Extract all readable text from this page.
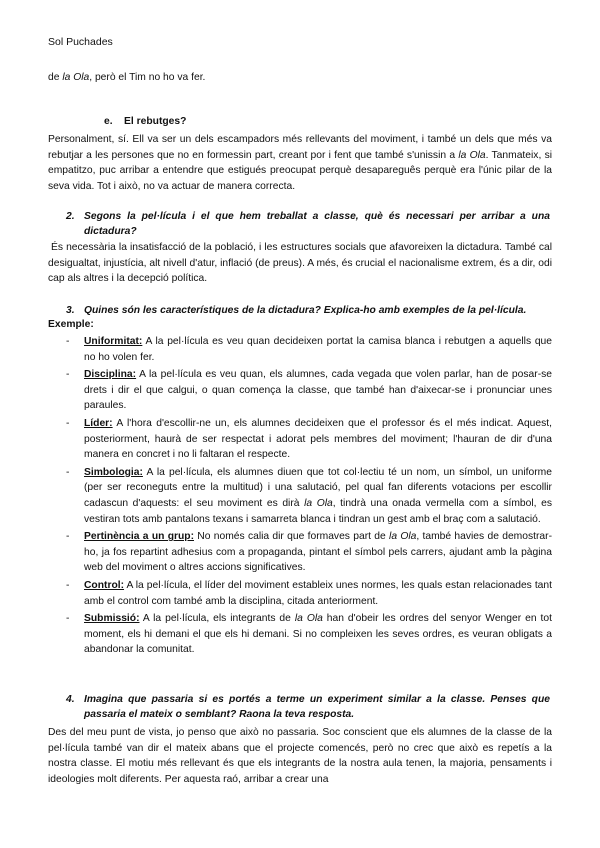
Sol Puchades
de la Ola, però el Tim no ho va fer.
e. El rebutges?
Personalment, sí. Ell va ser un dels escampadors més rellevants del moviment, i també un dels que més va rebutjar a les persones que no en formessin part, creant por i fent que també s'unissin a la Ola. Tanmateix, si empatitzo, puc arribar a entendre que estigués preocupat perquè desapareguês perquè era l'únic pilar de la seva vida. Tot i això, no va actuar de manera correcta.
2. Segons la pel·lícula i el que hem treballat a classe, què és necessari per arribar a una dictadura?
És necessària la insatisfacció de la població, i les estructures socials que afavoreixen la dictadura. També cal desigualtat, injustícia, alt nivell d'atur, inflació (de preus). A més, és crucial el nacionalisme extrem, és a dir, odi cap als altres i la decepció política.
3. Quines són les característiques de la dictadura? Explica-ho amb exemples de la pel·lícula.
Exemple:
- Uniformitat: A la pel·lícula es veu quan decideixen portat la camisa blanca i rebutgen a aquells que no ho volen fer.
- Disciplina: A la pel·lícula es veu quan, els alumnes, cada vegada que volen parlar, han de posar-se drets i dir el que calgui, o quan comença la classe, que també han d'aixecar-se i pronunciar unes paraules.
- Líder: A l'hora d'escollir-ne un, els alumnes decideixen que el professor és el més indicat. Aquest, posteriorment, haurà de ser respectat i adorat pels membres del moviment; l'hauran de dir d'una manera en concret i no li faltaran el respecte.
- Simbologia: A la pel·lícula, els alumnes diuen que tot col·lectiu té un nom, un símbol, un uniforme (per ser reconeguts entre la multitud) i una salutació, pel qual fan diferents votacions per escollir cadascun d'aquests: el seu moviment es dirà la Ola, tindrà una onada vermella com a símbol, es vestiran tots amb pantalons texans i samarreta blanca i tindran un gest amb el braç com a salutació.
- Pertinència a un grup: No només calia dir que formaves part de la Ola, també havies de demostrar-ho, ja fos repartint adhesius com a propaganda, pintant el símbol pels carrers, ajudant amb la pàgina web del moviment o altres accions significatives.
- Control: A la pel·lícula, el líder del moviment estableix unes normes, les quals estan relacionades tant amb el control com també amb la disciplina, citada anteriorment.
- Submissió: A la pel·lícula, els integrants de la Ola han d'obeir les ordres del senyor Wenger en tot moment, els hi demani el que els hi demani. Si no compleixen les seves ordres, es veuran obligats a abandonar la comunitat.
4. Imagina que passaria si es portés a terme un experiment similar a la classe. Penses que passaria el mateix o semblant? Raona la teva resposta.
Des del meu punt de vista, jo penso que això no passaria. Soc conscient que els alumnes de la classe de la pel·lícula també van dir el mateix abans que el projecte comencés, però no crec que això es repetís a la nostra classe. El motiu més rellevant és que els integrants de la nostra aula tenen, la majoria, pensaments i ideologies molt diferents. Per aquesta raó, arribar a crear una
